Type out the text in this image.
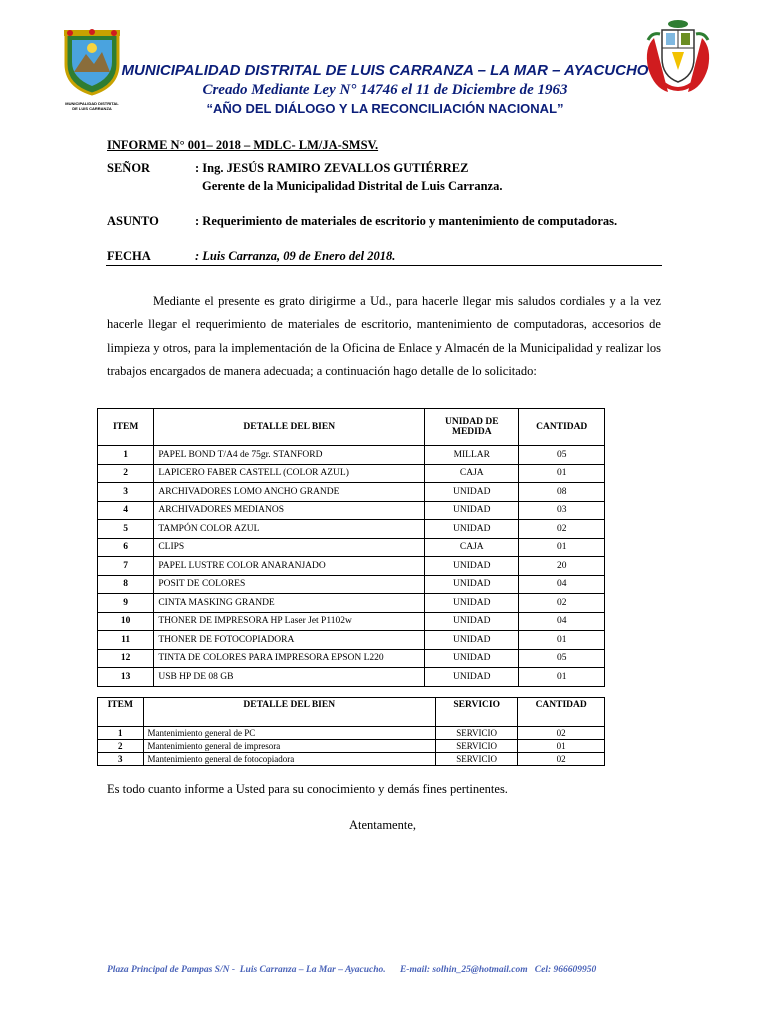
MUNICIPALIDAD DISTRITAL
DE LUIS CARRANZA
MUNICIPALIDAD DISTRITAL DE LUIS CARRANZA – LA MAR – AYACUCHO
Creado Mediante Ley N° 14746 el 11 de Diciembre de 1963
“AÑO DEL DIÁLOGO Y LA RECONCILIACIÓN NACIONAL”
INFORME N° 001– 2018 – MDLC- LM/JA-SMSV.
SEÑOR	: Ing. JESÚS RAMIRO ZEVALLOS GUTIÉRREZ
Gerente de la Municipalidad Distrital de Luis Carranza.
ASUNTO	: Requerimiento de materiales de escritorio y mantenimiento de computadoras.
FECHA	: Luis Carranza, 09 de Enero del 2018.
Mediante el presente es grato dirigirme a Ud., para hacerle llegar mis saludos cordiales y a la vez hacerle llegar el requerimiento de materiales de escritorio, mantenimiento de computadoras, accesorios de limpieza y otros, para la implementación de la Oficina de Enlace y Almacén de la Municipalidad y realizar los trabajos encargados de manera adecuada; a continuación hago detalle de lo solicitado:
ITEM	DETALLE DEL BIEN	UNIDAD DE MEDIDA	CANTIDAD
1	PAPEL BOND T/A4 de 75gr. STANFORD	MILLAR	05
2	LAPICERO FABER CASTELL (COLOR AZUL)	CAJA	01
3	ARCHIVADORES LOMO ANCHO GRANDE	UNIDAD	08
4	ARCHIVADORES MEDIANOS	UNIDAD	03
5	TAMPÓN COLOR AZUL	UNIDAD	02
6	CLIPS	CAJA	01
7	PAPEL LUSTRE COLOR ANARANJADO	UNIDAD	20
8	POSIT DE COLORES	UNIDAD	04
9	CINTA MASKING GRANDE	UNIDAD	02
10	THONER DE IMPRESORA HP Laser Jet P1102w	UNIDAD	04
11	THONER DE FOTOCOPIADORA	UNIDAD	01
12	TINTA DE COLORES PARA IMPRESORA EPSON L220	UNIDAD	05
13	USB HP DE 08 GB	UNIDAD	01
ITEM	DETALLE DEL BIEN	SERVICIO	CANTIDAD
1	Mantenimiento general de PC	SERVICIO	02
2	Mantenimiento general de impresora	SERVICIO	01
3	Mantenimiento general de fotocopiadora	SERVICIO	02
Es todo cuanto informe a Usted para su conocimiento y demás fines pertinentes.
Atentamente,
Plaza Principal de Pampas S/N -  Luis Carranza – La Mar – Ayacucho. E-mail: solhin_25@hotmail.com Cel: 966609950
